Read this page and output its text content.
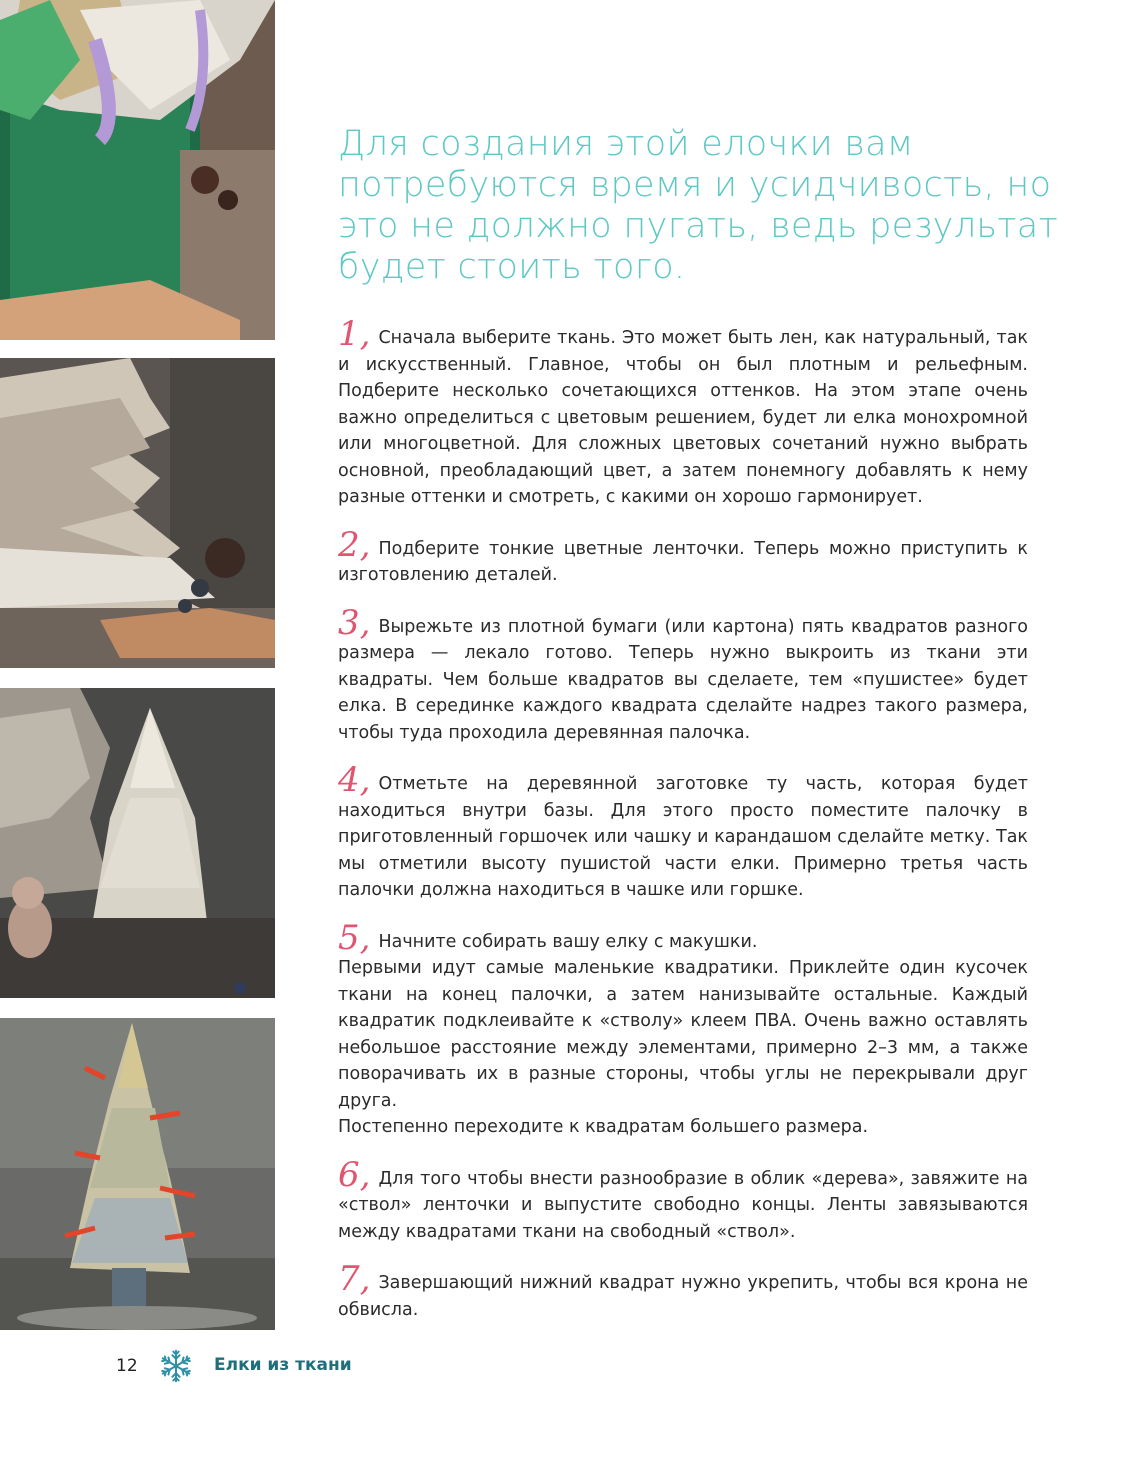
Для создания этой елочки вам потребуются время и усидчивость, но это не должно пугать, ведь результат будет стоить того.

1, Сначала выберите ткань. Это может быть лен, как натуральный, так и искусственный. Главное, чтобы он был плотным и рельефным. Подберите несколько сочетающихся оттенков. На этом этапе очень важно определиться с цветовым решением, будет ли елка монохромной или многоцветной. Для сложных цветовых сочетаний нужно выбрать основной, преобладающий цвет, а затем понемногу добавлять к нему разные оттенки и смотреть, с какими он хорошо гармонирует.

2, Подберите тонкие цветные ленточки. Теперь можно приступить к изготовлению деталей.

3, Вырежьте из плотной бумаги (или картона) пять квадратов разного размера — лекало готово. Теперь нужно выкроить из ткани эти квадраты. Чем больше квадратов вы сделаете, тем «пушистее» будет елка. В серединке каждого квадрата сделайте надрез такого размера, чтобы туда проходила деревянная палочка.

4, Отметьте на деревянной заготовке ту часть, которая будет находиться внутри базы. Для этого просто поместите палочку в приготовленный горшочек или чашку и карандашом сделайте метку. Так мы отметили высоту пушистой части елки. Примерно третья часть палочки должна находиться в чашке или горшке.

5, Начните собирать вашу елку с макушки.

Первыми идут самые маленькие квадратики. Приклейте один кусочек ткани на конец палочки, а затем нанизывайте остальные. Каждый квадратик подклеивайте к «стволу» клеем ПВА. Очень важно оставлять небольшое расстояние между элементами, примерно 2–3 мм, а также поворачивать их в разные стороны, чтобы углы не перекрывали друг друга.

Постепенно переходите к квадратам большего размера.

6, Для того чтобы внести разнообразие в облик «дерева», завяжите на «ствол» ленточки и выпустите свободно концы. Ленты завязываются между квадратами ткани на свободный «ствол».

7, Завершающий нижний квадрат нужно укрепить, чтобы вся крона не обвисла.

12	Елки из ткани
